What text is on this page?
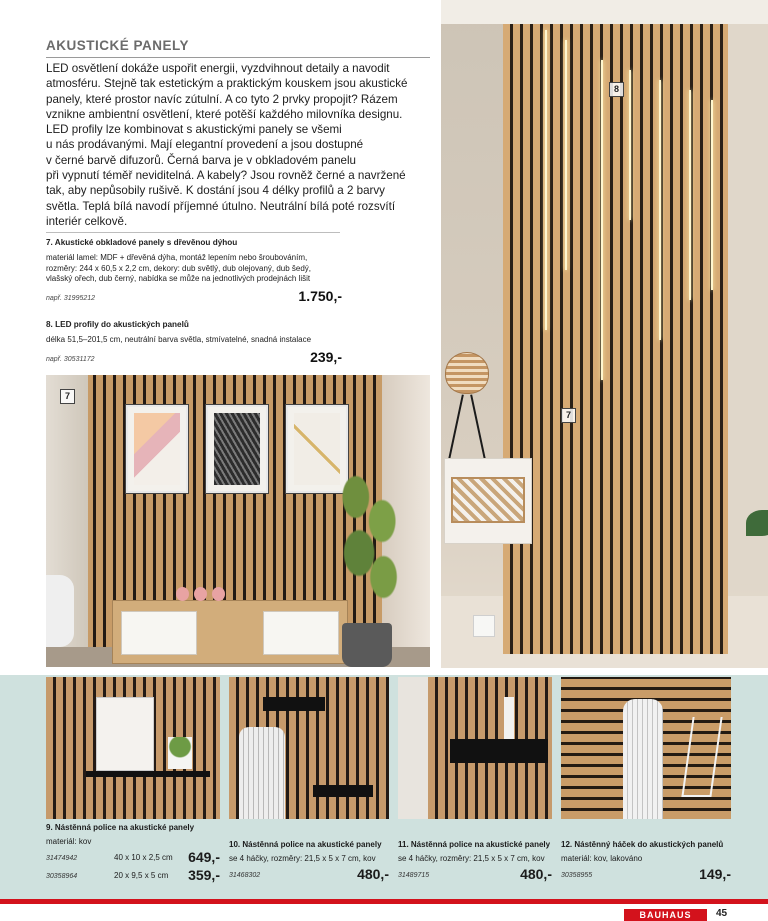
AKUSTICKÉ PANELY
LED osvětlení dokáže uspořit energii, vyzdvihnout detaily a navodit
atmosféru. Stejně tak estetickým a praktickým kouskem jsou akustické
panely, které prostor navíc zútulní. A co tyto 2 prvky propojit? Rázem
vznikne ambientní osvětlení, které potěší každého milovníka designu.
LED profily lze kombinovat s akustickými panely se všemi
u nás prodávanými. Mají elegantní provedení a jsou dostupné
v černé barvě difuzorů. Černá barva je v obkladovém panelu
při vypnutí téměř neviditelná. A kabely? Jsou rovněž černé a navržené
tak, aby nepůsobily rušivě. K dostání jsou 4 délky profilů a 2 barvy
světla. Teplá bílá navodí příjemné útulno. Neutrální bílá poté rozsvítí
interiér celkově.
7. Akustické obkladové panely s dřevěnou dýhou
materiál lamel: MDF + dřevěná dýha, montáž lepením nebo šroubováním,
rozměry: 244 x 60,5 x 2,2 cm, dekory: dub světlý, dub olejovaný, dub šedý,
vlašský ořech, dub černý, nabídka se může na jednotlivých prodejnách lišit
např. 31995212	1.750,-
8. LED profily do akustických panelů
délka 51,5–201,5 cm, neutrální barva světla, stmívatelné, snadná instalace
např. 30531172	239,-
8
7
7
9. Nástěnná police na akustické panely
materiál: kov
31474942	40 x 10 x 2,5 cm 649,-
30358964	20 x 9,5 x 5 cm 359,-
10. Nástěnná police na akustické panely
se 4 háčky, rozměry: 21,5 x 5 x 7 cm, kov
31468302	480,-
11. Nástěnná police na akustické panely
se 4 háčky, rozměry: 21,5 x 5 x 7 cm, kov
31489715	480,-
12. Nástěnný háček do akustických panelů
materiál: kov, lakováno
30358955	149,-
BAUHAUS	45
